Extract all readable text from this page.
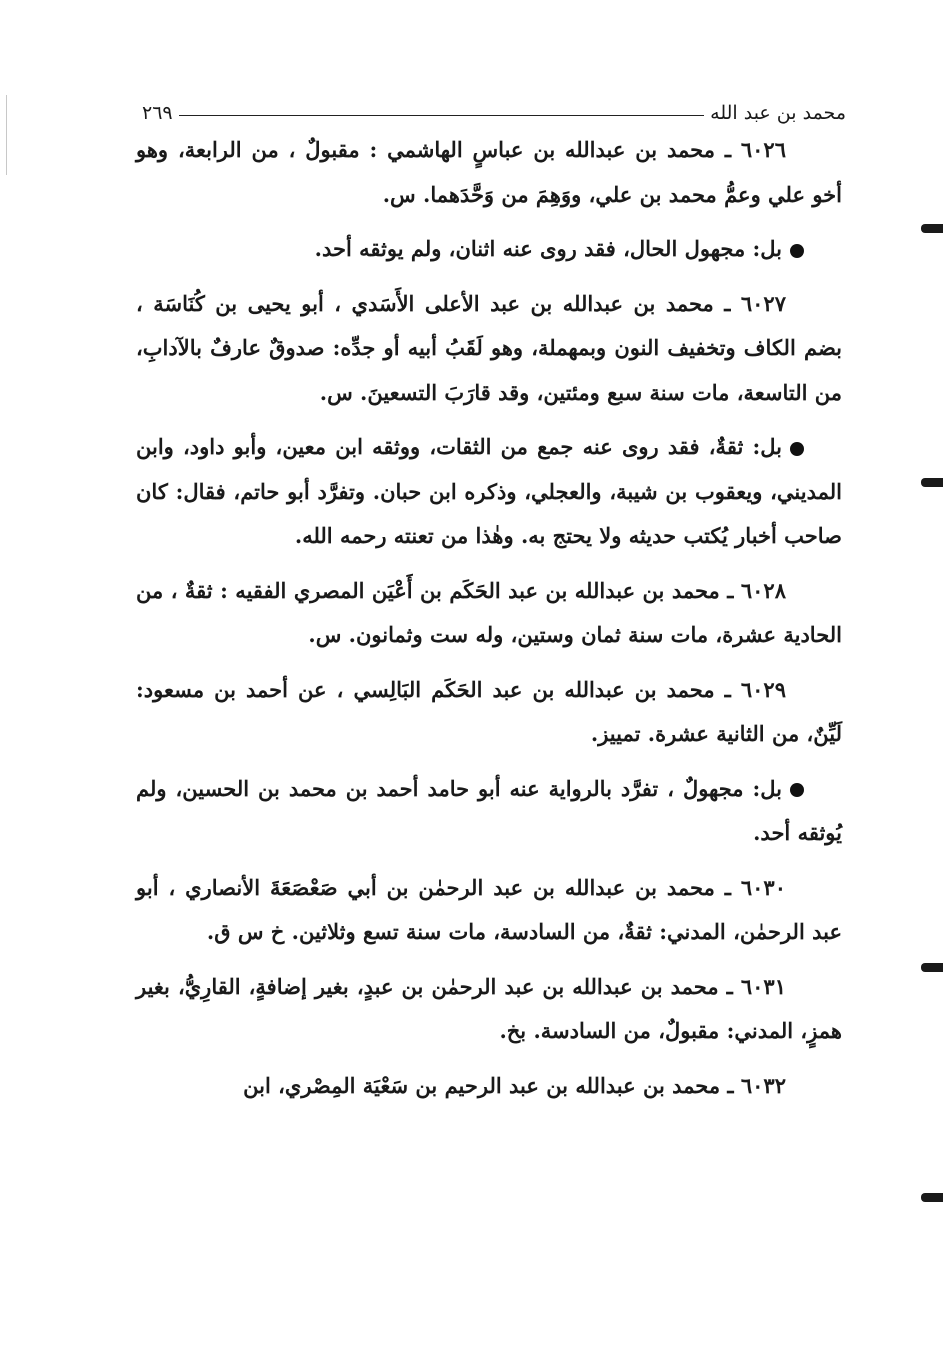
محمد بن عبد الله
٢٦٩

٦٠٢٦ ـ محمد بن عبدالله بن عباسٍ الهاشمي : مقبولٌ ، من الرابعة، وهو أخو علي وعمُّ محمد بن علي، ووَهِمَ من وَحَّدَهما. س.

بل: مجهول الحال، فقد روى عنه اثنان، ولم يوثقه أحد.

٦٠٢٧ ـ محمد بن عبدالله بن عبد الأعلى الأَسَدي ، أبو يحيى بن كُنَاسَة ، بضم الكاف وتخفيف النون وبمهملة، وهو لَقَبُ أبيه أو جدِّه: صدوقٌ عارفٌ بالآدابِ، من التاسعة، مات سنة سبع ومئتين، وقد قارَبَ التسعينَ. س.

بل: ثقةٌ، فقد روى عنه جمع من الثقات، ووثقه ابن معين، وأبو داود، وابن المديني، ويعقوب بن شيبة، والعجلي، وذكره ابن حبان. وتفرَّد أبو حاتم، فقال: كان صاحب أخبار يُكتب حديثه ولا يحتج به. وهٰذا من تعنته رحمه الله.

٦٠٢٨ ـ محمد بن عبدالله بن عبد الحَكَم بن أَعْيَن المصري الفقيه : ثقةٌ ، من الحادية عشرة، مات سنة ثمان وستين، وله ست وثمانون. س.

٦٠٢٩ ـ محمد بن عبدالله بن عبد الحَكَم البَالِسي ، عن أحمد بن مسعود: لَيِّنٌ، من الثانية عشرة. تمييز.

بل: مجهولٌ ، تفرَّد بالرواية عنه أبو حامد أحمد بن محمد بن الحسين، ولم يُوثقه أحد.

٦٠٣٠ ـ محمد بن عبدالله بن عبد الرحمٰن بن أبي صَعْصَعَةَ الأنصاري ، أبو عبد الرحمٰن، المدني: ثقةٌ، من السادسة، مات سنة تسع وثلاثين. خ س ق.

٦٠٣١ ـ محمد بن عبدالله بن عبد الرحمٰن بن عبدٍ، بغير إضافةٍ، القارِيُّ، بغير همزٍ، المدني: مقبولٌ، من السادسة. بخ.

٦٠٣٢ ـ محمد بن عبدالله بن عبد الرحيم بن سَعْيَة المِصْري، ابن
